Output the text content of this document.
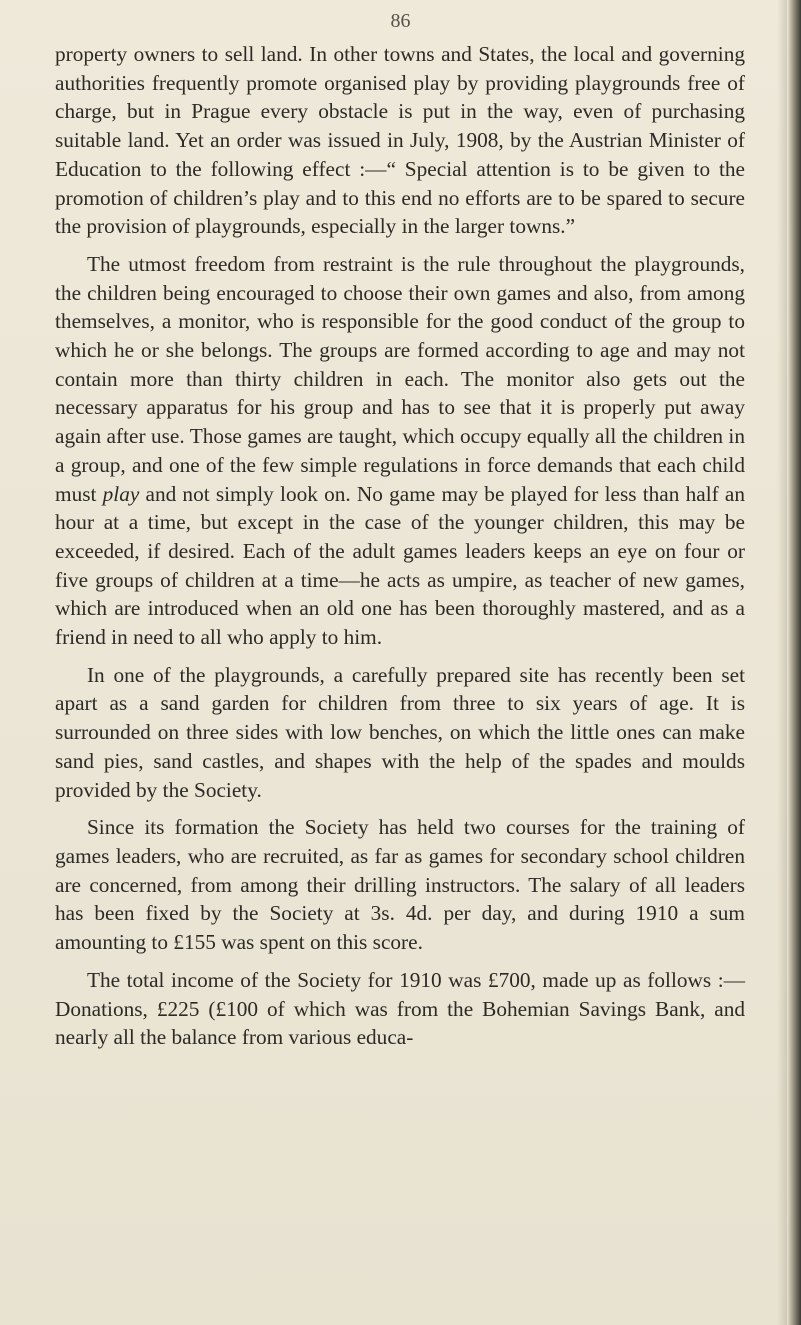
86

property owners to sell land. In other towns and States, the local and governing authorities frequently promote organised play by providing playgrounds free of charge, but in Prague every obstacle is put in the way, even of purchasing suitable land. Yet an order was issued in July, 1908, by the Austrian Minister of Education to the following effect :—“ Special attention is to be given to the promotion of children’s play and to this end no efforts are to be spared to secure the provision of playgrounds, especially in the larger towns.”

The utmost freedom from restraint is the rule throughout the playgrounds, the children being encouraged to choose their own games and also, from among themselves, a monitor, who is responsible for the good conduct of the group to which he or she belongs. The groups are formed according to age and may not contain more than thirty children in each. The monitor also gets out the necessary apparatus for his group and has to see that it is properly put away again after use. Those games are taught, which occupy equally all the children in a group, and one of the few simple regulations in force demands that each child must play and not simply look on. No game may be played for less than half an hour at a time, but except in the case of the younger children, this may be exceeded, if desired. Each of the adult games leaders keeps an eye on four or five groups of children at a time—he acts as umpire, as teacher of new games, which are introduced when an old one has been thoroughly mastered, and as a friend in need to all who apply to him.

In one of the playgrounds, a carefully prepared site has recently been set apart as a sand garden for children from three to six years of age. It is surrounded on three sides with low benches, on which the little ones can make sand pies, sand castles, and shapes with the help of the spades and moulds provided by the Society.

Since its formation the Society has held two courses for the training of games leaders, who are recruited, as far as games for secondary school children are concerned, from among their drilling instructors. The salary of all leaders has been fixed by the Society at 3s. 4d. per day, and during 1910 a sum amounting to £155 was spent on this score.

The total income of the Society for 1910 was £700, made up as follows :—Donations, £225 (£100 of which was from the Bohemian Savings Bank, and nearly all the balance from various educa-
